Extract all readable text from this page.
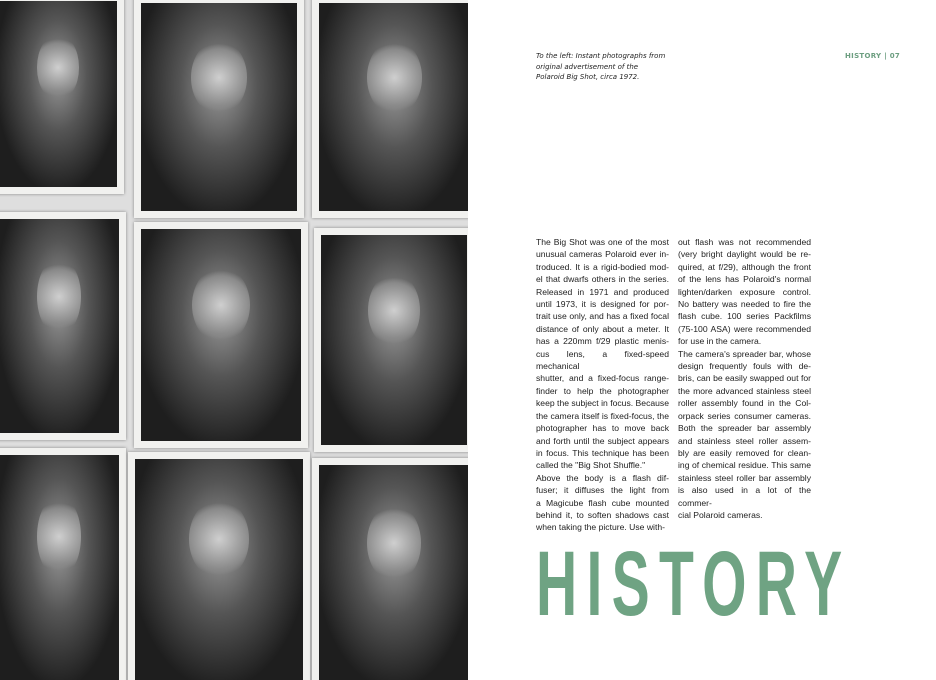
To the left: Instant photographs from original advertisement of the Polaroid Big Shot, circa 1972.
HISTORY | 07
The Big Shot was one of the most
unusual cameras Polaroid ever in-
troduced. It is a rigid-bodied mod-
el that dwarfs others in the series.
Released in 1971 and produced
until 1973, it is designed for por-
trait use only, and has a fixed focal
distance of only about a meter. It
has a 220mm f/29 plastic menis-
cus lens, a fixed-speed mechanical
shutter, and a fixed-focus range-
finder to help the photographer
keep the subject in focus. Because
the camera itself is fixed-focus, the
photographer has to move back
and forth until the subject appears
in focus. This technique has been
called the "Big Shot Shuffle."
Above the body is a flash dif-
fuser; it diffuses the light from
a Magicube flash cube mounted
behind it, to soften shadows cast
when taking the picture. Use with-
out flash was not recommended
(very bright daylight would be re-
quired, at f/29), although the front
of the lens has Polaroid's normal
lighten/darken exposure control.
No battery was needed to fire the
flash cube. 100 series Packfilms
(75-100 ASA) were recommended
for use in the camera.
The camera's spreader bar, whose
design frequently fouls with de-
bris, can be easily swapped out for
the more advanced stainless steel
roller assembly found in the Col-
orpack series consumer cameras.
Both the spreader bar assembly
and stainless steel roller assem-
bly are easily removed for clean-
ing of chemical residue. This same
stainless steel roller bar assembly
is also used in a lot of the commer-
cial Polaroid cameras.
HISTORY
